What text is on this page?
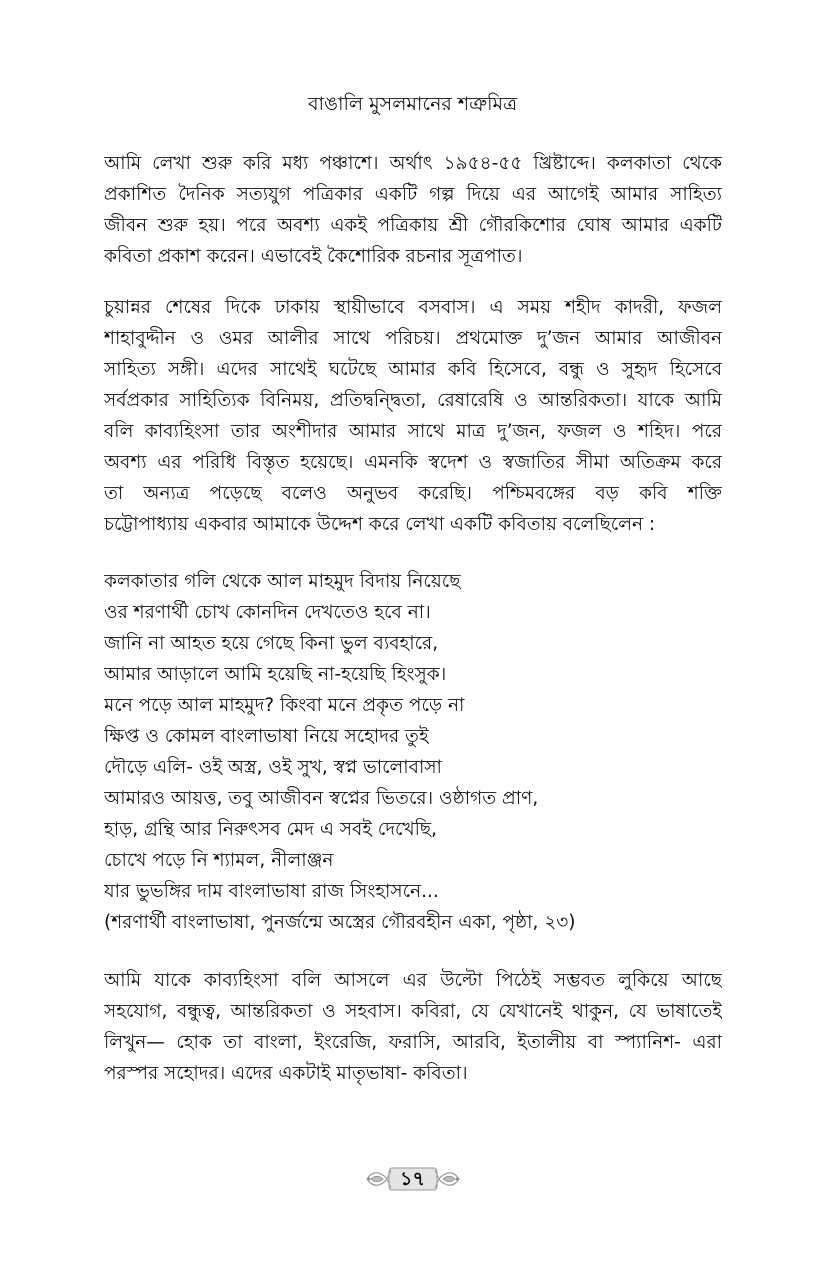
বাঙালি মুসলমানের শত্রুমিত্র
আমি লেখা শুরু করি মধ্য পঞ্চাশে। অর্থাৎ ১৯৫৪-৫৫ খ্রিষ্টাব্দে। কলকাতা থেকে
প্রকাশিত দৈনিক সত্যযুগ পত্রিকার একটি গল্প দিয়ে এর আগেই আমার সাহিত্য
জীবন শুরু হয়। পরে অবশ্য একই পত্রিকায় শ্রী গৌরকিশোর ঘোষ আমার একটি
কবিতা প্রকাশ করেন। এভাবেই কৈশোরিক রচনার সূত্রপাত।
চুয়ান্নর শেষের দিকে ঢাকায় স্থায়ীভাবে বসবাস। এ সময় শহীদ কাদরী, ফজল
শাহাবুদ্দীন ও ওমর আলীর সাথে পরিচয়। প্রথমোক্ত দু’জন আমার আজীবন
সাহিত্য সঙ্গী। এদের সাথেই ঘটেছে আমার কবি হিসেবে, বন্ধু ও সুহৃদ হিসেবে
সর্বপ্রকার সাহিত্যিক বিনিময়, প্রতিদ্বন্দ্বিতা, রেষারেষি ও আন্তরিকতা। যাকে আমি
বলি কাব্যহিংসা তার অংশীদার আমার সাথে মাত্র দু’জন, ফজল ও শহিদ। পরে
অবশ্য এর পরিধি বিস্তৃত হয়েছে। এমনকি স্বদেশ ও স্বজাতির সীমা অতিক্রম করে
তা অন্যত্র পড়েছে বলেও অনুভব করেছি। পশ্চিমবঙ্গের বড় কবি শক্তি
চট্টোপাধ্যায় একবার আমাকে উদ্দেশ করে লেখা একটি কবিতায় বলেছিলেন :
কলকাতার গলি থেকে আল মাহমুদ বিদায় নিয়েছে
ওর শরণার্থী চোখ কোনদিন দেখতেও হবে না।
জানি না আহত হয়ে গেছে কিনা ভুল ব্যবহারে,
আমার আড়ালে আমি হয়েছি না-হয়েছি হিংসুক।
মনে পড়ে আল মাহমুদ? কিংবা মনে প্রকৃত পড়ে না
ক্ষিপ্ত ও কোমল বাংলাভাষা নিয়ে সহোদর তুই
দৌড়ে এলি- ওই অস্ত্র, ওই সুখ, স্বপ্ন ভালোবাসা
আমারও আয়ত্ত, তবু আজীবন স্বপ্নের ভিতরে। ওষ্ঠাগত প্রাণ,
হাড়, গ্রন্থি আর নিরুৎসব মেদ এ সবই দেখেছি,
চোখে পড়ে নি শ্যামল, নীলাঞ্জন
যার ভুভঙ্গির দাম বাংলাভাষা রাজ সিংহাসনে...
(শরণার্থী বাংলাভাষা, পুনর্জন্মে অস্ত্রের গৌরবহীন একা, পৃষ্ঠা, ২৩)
আমি যাকে কাব্যহিংসা বলি আসলে এর উল্টো পিঠেই সম্ভবত লুকিয়ে আছে
সহযোগ, বন্ধুত্ব, আন্তরিকতা ও সহবাস। কবিরা, যে যেখানেই থাকুন, যে ভাষাতেই
লিখুন— হোক তা বাংলা, ইংরেজি, ফরাসি, আরবি, ইতালীয় বা স্প্যানিশ- এরা
পরস্পর সহোদর। এদের একটাই মাতৃভাষা- কবিতা।
১৭
